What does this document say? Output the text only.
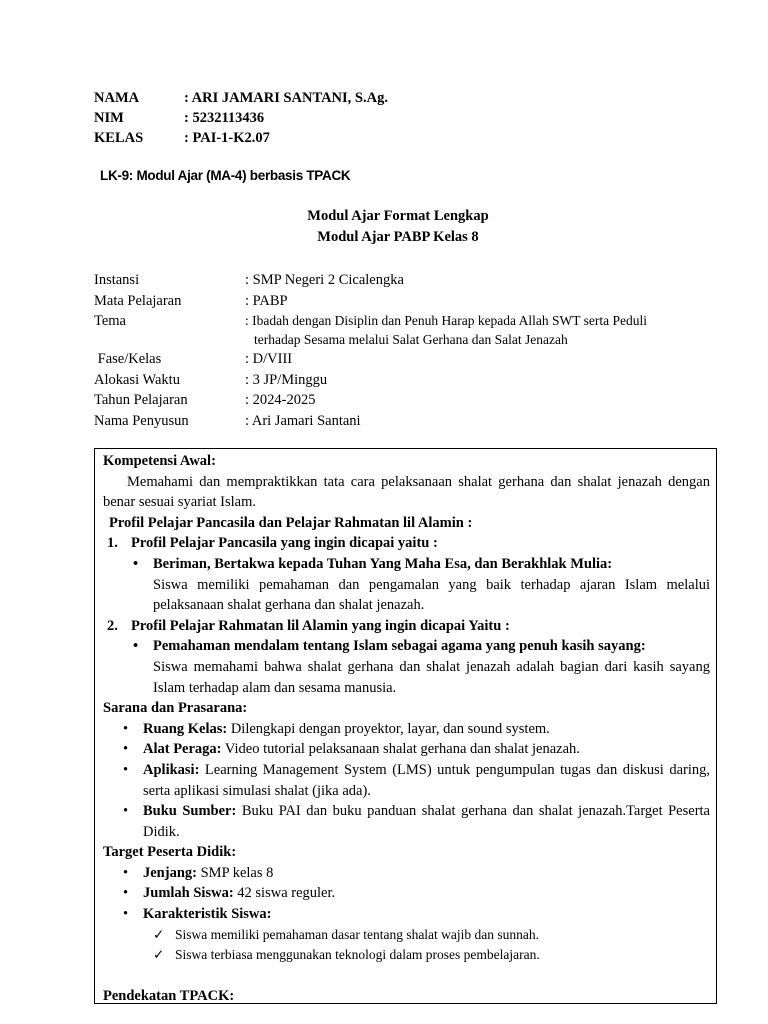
NAMA	: ARI JAMARI SANTANI, S.Ag.
NIM	: 5232113436
KELAS	: PAI-1-K2.07
LK-9: Modul Ajar (MA-4) berbasis TPACK
Modul Ajar Format Lengkap
Modul Ajar PABP Kelas 8
Instansi	: SMP Negeri 2 Cicalengka
Mata Pelajaran	: PABP
Tema	: Ibadah dengan Disiplin dan Penuh Harap kepada Allah SWT serta Peduli
terhadap Sesama melalui Salat Gerhana dan Salat Jenazah
Fase/Kelas	: D/VIII
Alokasi Waktu	: 3 JP/Minggu
Tahun Pelajaran	: 2024-2025
Nama Penyusun	: Ari Jamari Santani
Kompetensi Awal:
Memahami dan mempraktikkan tata cara pelaksanaan shalat gerhana dan shalat jenazah dengan benar sesuai syariat Islam.
Profil Pelajar Pancasila dan Pelajar Rahmatan lil Alamin :
1. Profil Pelajar Pancasila yang ingin dicapai yaitu :
•	Beriman, Bertakwa kepada Tuhan Yang Maha Esa, dan Berakhlak Mulia:
Siswa memiliki pemahaman dan pengamalan yang baik terhadap ajaran Islam melalui pelaksanaan shalat gerhana dan shalat jenazah.
2. Profil Pelajar Rahmatan lil Alamin yang ingin dicapai Yaitu :
•	Pemahaman mendalam tentang Islam sebagai agama yang penuh kasih sayang:
Siswa memahami bahwa shalat gerhana dan shalat jenazah adalah bagian dari kasih sayang Islam terhadap alam dan sesama manusia.
Sarana dan Prasarana:
•	Ruang Kelas: Dilengkapi dengan proyektor, layar, dan sound system.
•	Alat Peraga: Video tutorial pelaksanaan shalat gerhana dan shalat jenazah.
•	Aplikasi: Learning Management System (LMS) untuk pengumpulan tugas dan diskusi daring, serta aplikasi simulasi shalat (jika ada).
•	Buku Sumber: Buku PAI dan buku panduan shalat gerhana dan shalat jenazah.Target Peserta Didik.
Target Peserta Didik:
•	Jenjang: SMP kelas 8
•	Jumlah Siswa: 42 siswa reguler.
•	Karakteristik Siswa:
✓ Siswa memiliki pemahaman dasar tentang shalat wajib dan sunnah.
✓ Siswa terbiasa menggunakan teknologi dalam proses pembelajaran.
Pendekatan TPACK:
